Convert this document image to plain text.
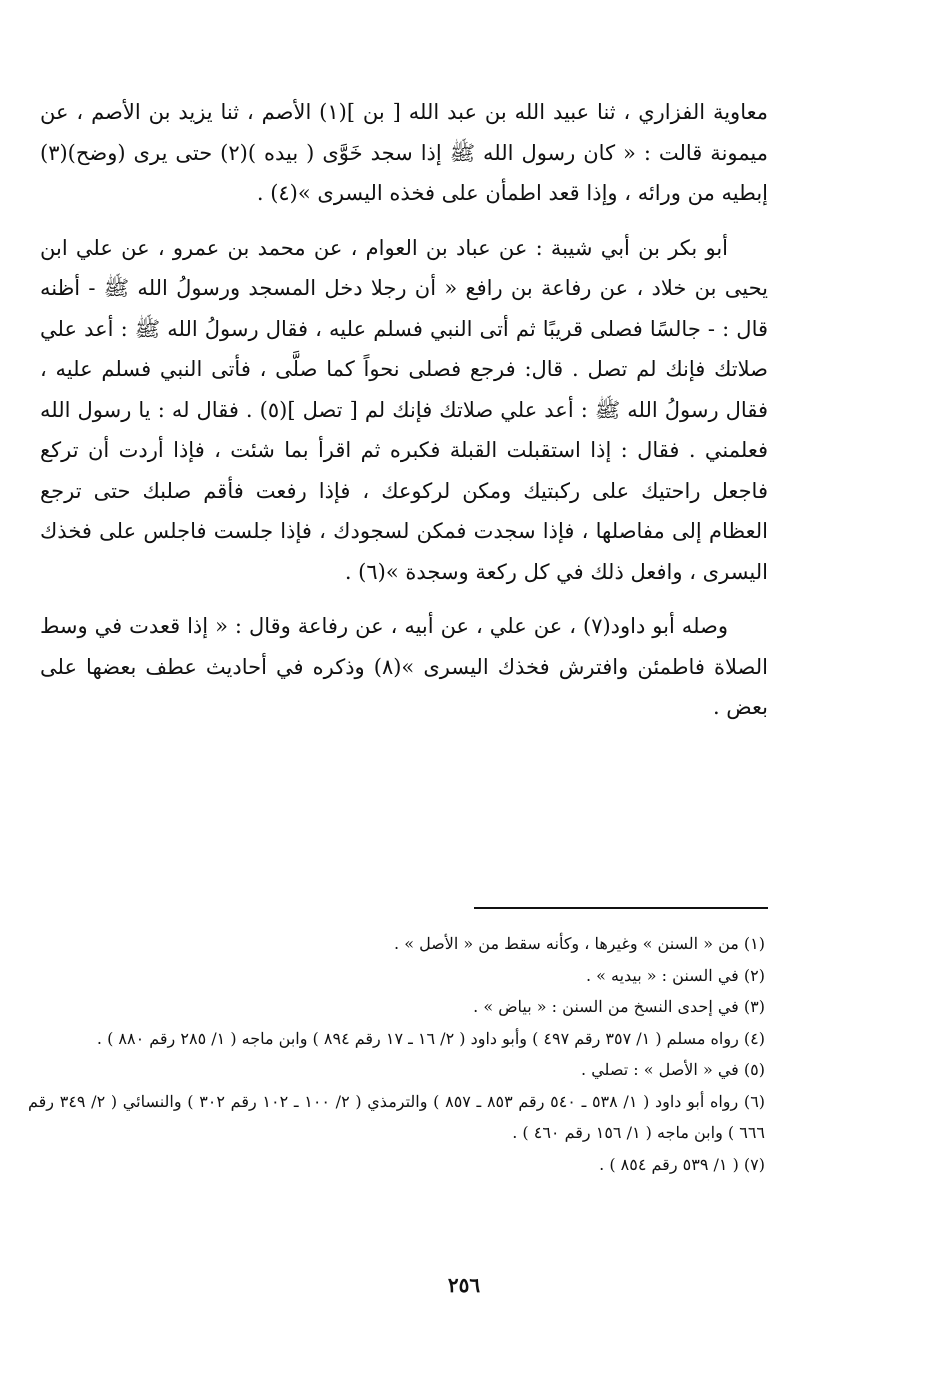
معاوية الفزاري ، ثنا عبيد الله بن عبد الله [ بن ](١) الأصم ، ثنا يزيد بن الأصم ، عن ميمونة قالت : « كان رسول الله ﷺ إذا سجد خَوَّى ( بيده )(٢) حتى يرى (وضح)(٣) إبطيه من ورائه ، وإذا قعد اطمأن على فخذه اليسرى »(٤) .

أبو بكر بن أبي شيبة : عن عباد بن العوام ، عن محمد بن عمرو ، عن علي ابن يحيى بن خلاد ، عن رفاعة بن رافع « أن رجلا دخل المسجد ورسولُ الله ﷺ - أظنه قال : - جالسًا فصلى قريبًا ثم أتى النبي فسلم عليه ، فقال رسولُ الله ﷺ : أعد علي صلاتك فإنك لم تصل . قال: فرجع فصلى نحواً كما صلَّى ، فأتى النبي فسلم عليه ، فقال رسولُ الله ﷺ : أعد علي صلاتك فإنك لم [ تصل ](٥) . فقال له : يا رسول الله فعلمني . فقال : إذا استقبلت القبلة فكبره ثم اقرأ بما شئت ، فإذا أردت أن تركع فاجعل راحتيك على ركبتيك ومكن لركوعك ، فإذا رفعت فأقم صلبك حتى ترجع العظام إلى مفاصلها ، فإذا سجدت فمكن لسجودك ، فإذا جلست فاجلس على فخذك اليسرى ، وافعل ذلك في كل ركعة وسجدة »(٦) .

وصله أبو داود(٧) ، عن علي ، عن أبيه ، عن رفاعة وقال : « إذا قعدت في وسط الصلاة فاطمئن وافترش فخذك اليسرى »(٨) وذكره في أحاديث عطف بعضها على بعض .

(١) من « السنن » وغيرها ، وكأنه سقط من « الأصل » .

(٢) في السنن : « بيديه » .

(٣) في إحدى النسخ من السنن : « بياض » .

(٤) رواه مسلم ( ١/ ٣٥٧ رقم ٤٩٧ ) وأبو داود ( ٢/ ١٦ ـ ١٧ رقم ٨٩٤ ) وابن ماجه ( ١/ ٢٨٥ رقم ٨٨٠ ) .

(٥) في « الأصل » : تصلي .

(٦) رواه أبو داود ( ١/ ٥٣٨ ـ ٥٤٠ رقم ٨٥٣ ـ ٨٥٧ ) والترمذي ( ٢/ ١٠٠ ـ ١٠٢ رقم ٣٠٢ ) والنسائي ( ٢/ ٣٤٩ رقم ٦٦٦ ) وابن ماجه ( ١/ ١٥٦ رقم ٤٦٠ ) .

(٧) ( ١/ ٥٣٩ رقم ٨٥٤ ) .

٢٥٦
